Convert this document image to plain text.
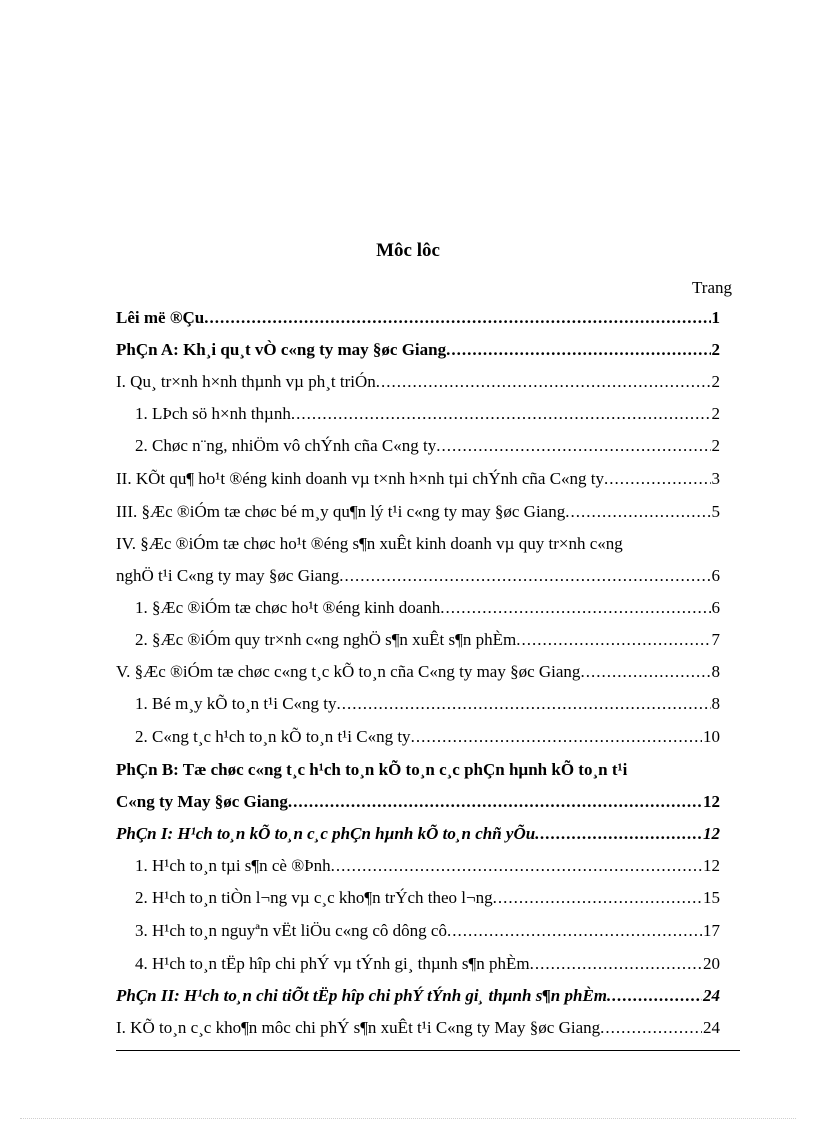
Môc lôc
Trang
Lêi më ®Çu .....	1
PhÇn A: Kh¸i qu¸t vÒ c«ng ty may §øc Giang .....	2
I. Qu¸ tr×nh h×nh thµnh vµ ph¸t triÓn .....	2
1. LÞch sö h×nh thµnh .....	2
2. Chøc n¨ng, nhiÖm vô chÝnh cña C«ng ty .....	2
II. KÕt qu¶ ho¹t ®éng kinh doanh vµ t×nh h×nh tµi chÝnh cña C«ng ty .....	3
III. §Æc ®iÓm tæ chøc bé m¸y qu¶n lý t¹i c«ng ty may §øc Giang .....	5
IV. §Æc ®iÓm tæ chøc ho¹t ®éng s¶n xuÊt kinh doanh vµ quy tr×nh c«ng
nghÖ t¹i C«ng ty may §øc Giang .....	6
1. §Æc ®iÓm tæ chøc ho¹t ®éng kinh doanh .....	6
2. §Æc ®iÓm quy tr×nh c«ng nghÖ s¶n xuÊt s¶n phÈm .....	7
V. §Æc ®iÓm tæ chøc c«ng t¸c kÕ to¸n cña C«ng ty may §øc Giang .....	8
1. Bé m¸y kÕ to¸n t¹i C«ng ty .....	8
2. C«ng t¸c h¹ch to¸n kÕ to¸n t¹i C«ng ty .....	10
PhÇn B: Tæ chøc c«ng t¸c h¹ch to¸n kÕ to¸n c¸c phÇn hµnh kÕ to¸n t¹i
C«ng ty May §øc Giang .....	12
PhÇn I: H¹ch to¸n kÕ to¸n c¸c phÇn hµnh kÕ to¸n chñ yÕu .....	12
1. H¹ch to¸n tµi s¶n cè ®Þnh .....	12
2. H¹ch to¸n tiÒn l¬ng vµ c¸c kho¶n trÝch theo l¬ng .....	15
3. H¹ch to¸n nguyªn vËt liÖu c«ng cô dông cô .....	17
4. H¹ch to¸n tËp hîp chi phÝ vµ tÝnh gi¸ thµnh s¶n phÈm .....	20
PhÇn II: H¹ch to¸n chi tiÕt tËp hîp chi phÝ tÝnh gi¸ thµnh s¶n phÈm .....	24
I. KÕ to¸n c¸c kho¶n môc chi phÝ s¶n xuÊt t¹i C«ng ty May §øc Giang .....	24
